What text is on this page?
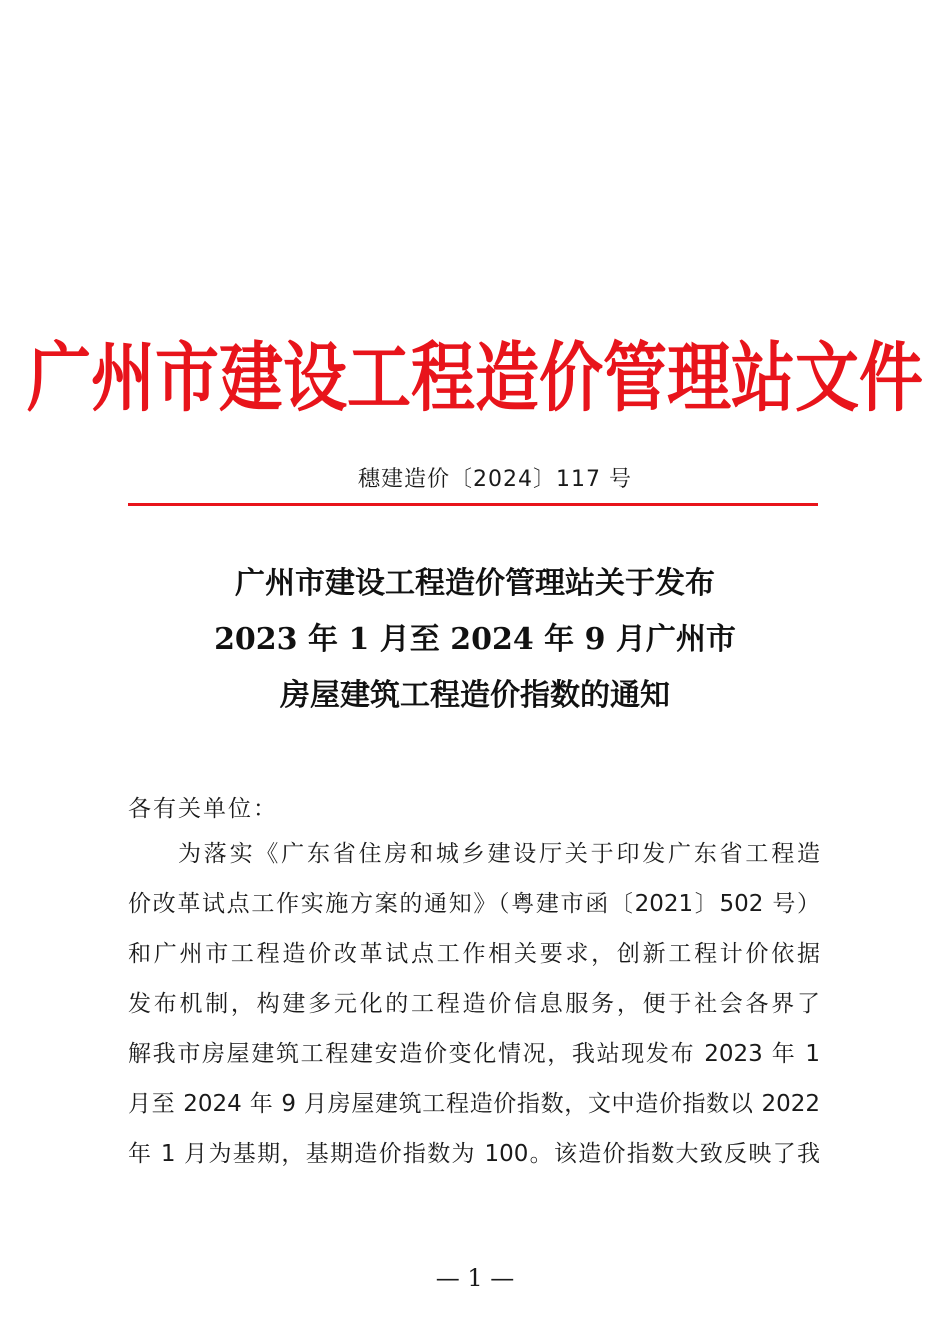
广州市建设工程造价管理站文件
穗建造价〔2024〕117 号
广州市建设工程造价管理站关于发布
2023 年 1 月至 2024 年 9 月广州市
房屋建筑工程造价指数的通知
各有关单位：
为落实《广东省住房和城乡建设厅关于印发广东省工程造
价改革试点工作实施方案的通知》（粤建市函〔2021〕502 号）
和广州市工程造价改革试点工作相关要求，创新工程计价依据
发布机制，构建多元化的工程造价信息服务，便于社会各界了
解我市房屋建筑工程建安造价变化情况，我站现发布 2023 年 1
月至 2024 年 9 月房屋建筑工程造价指数，文中造价指数以 2022
年 1 月为基期，基期造价指数为 100。该造价指数大致反映了我
— 1 —
